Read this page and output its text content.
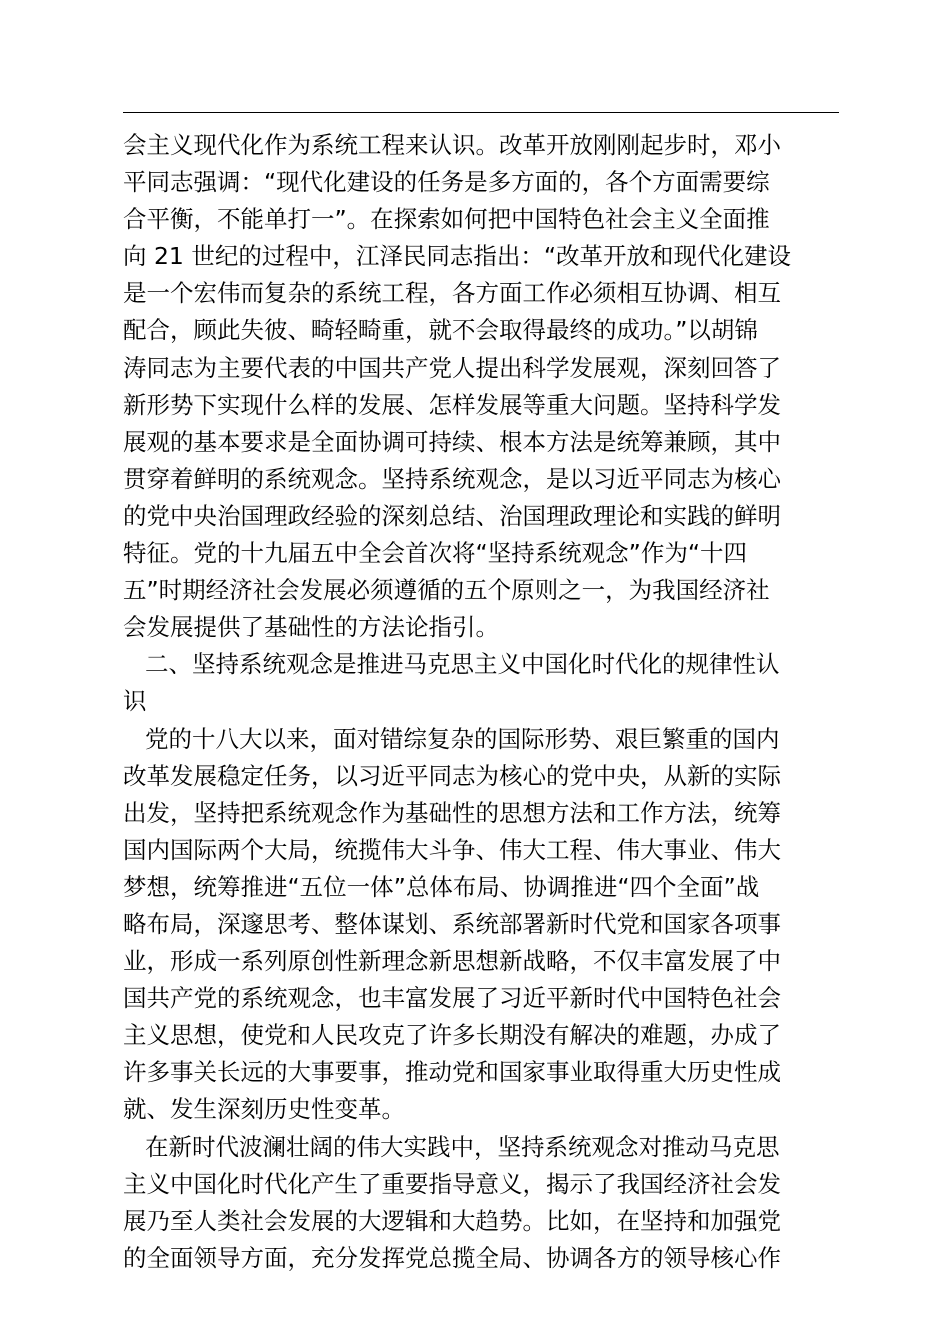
会主义现代化作为系统工程来认识。改革开放刚刚起步时，邓小
平同志强调：“现代化建设的任务是多方面的，各个方面需要综
合平衡，不能单打一”。在探索如何把中国特色社会主义全面推
向 21 世纪的过程中，江泽民同志指出：“改革开放和现代化建设
是一个宏伟而复杂的系统工程，各方面工作必须相互协调、相互
配合，顾此失彼、畸轻畸重，就不会取得最终的成功。”以胡锦
涛同志为主要代表的中国共产党人提出科学发展观，深刻回答了
新形势下实现什么样的发展、怎样发展等重大问题。坚持科学发
展观的基本要求是全面协调可持续、根本方法是统筹兼顾，其中
贯穿着鲜明的系统观念。坚持系统观念，是以习近平同志为核心
的党中央治国理政经验的深刻总结、治国理政理论和实践的鲜明
特征。党的十九届五中全会首次将“坚持系统观念”作为“十四
五”时期经济社会发展必须遵循的五个原则之一，为我国经济社
会发展提供了基础性的方法论指引。
二、坚持系统观念是推进马克思主义中国化时代化的规律性认
识
党的十八大以来，面对错综复杂的国际形势、艰巨繁重的国内
改革发展稳定任务，以习近平同志为核心的党中央，从新的实际
出发，坚持把系统观念作为基础性的思想方法和工作方法，统筹
国内国际两个大局，统揽伟大斗争、伟大工程、伟大事业、伟大
梦想，统筹推进“五位一体”总体布局、协调推进“四个全面”战
略布局，深邃思考、整体谋划、系统部署新时代党和国家各项事
业，形成一系列原创性新理念新思想新战略，不仅丰富发展了中
国共产党的系统观念，也丰富发展了习近平新时代中国特色社会
主义思想，使党和人民攻克了许多长期没有解决的难题，办成了
许多事关长远的大事要事，推动党和国家事业取得重大历史性成
就、发生深刻历史性变革。
在新时代波澜壮阔的伟大实践中，坚持系统观念对推动马克思
主义中国化时代化产生了重要指导意义，揭示了我国经济社会发
展乃至人类社会发展的大逻辑和大趋势。比如，在坚持和加强党
的全面领导方面，充分发挥党总揽全局、协调各方的领导核心作
